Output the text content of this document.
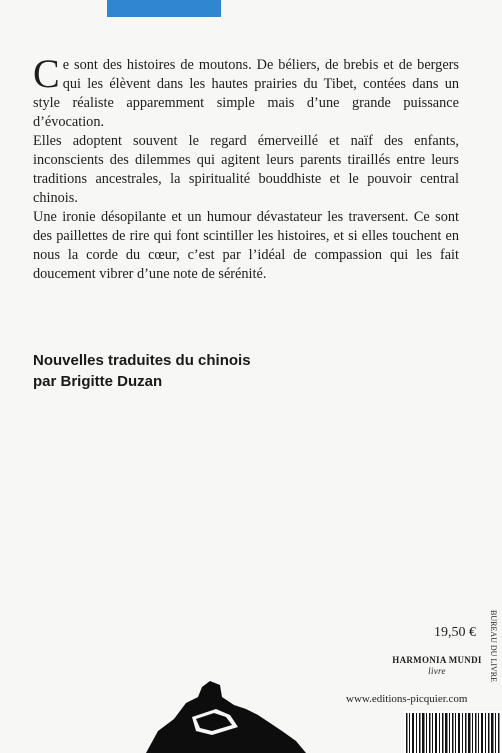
Ce sont des histoires de moutons. De béliers, de brebis et de bergers qui les élèvent dans les hautes prairies du Tibet, contées dans un style réaliste apparemment simple mais d’une grande puissance d’évocation.

Elles adoptent souvent le regard émerveillé et naïf des enfants, inconscients des dilemmes qui agitent leurs parents tiraillés entre leurs traditions ancestrales, la spiritualité bouddhiste et le pouvoir central chinois.

Une ironie désopilante et un humour dévastateur les traversent. Ce sont des paillettes de rire qui font scintiller les histoires, et si elles touchent en nous la corde du cœur, c’est par l’idéal de compassion qui les fait doucement vibrer d’une note de sérénité.

Nouvelles traduites du chinois
par Brigitte Duzan
19,50 €
HARMONIA MUNDI
livre	BUREAU DU LIVRE
www.editions-picquier.com
